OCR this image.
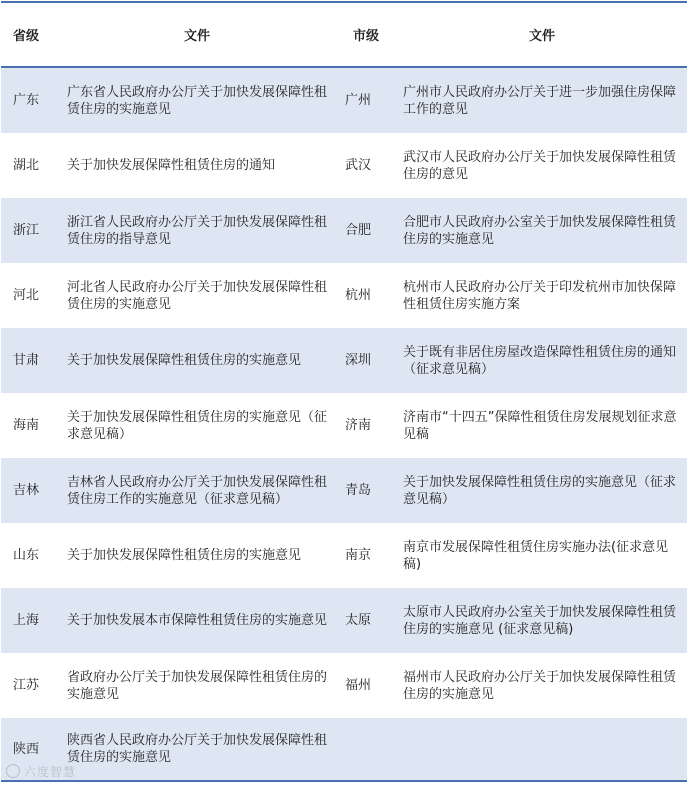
省级	文件	市级	文件
广东	广东省人民政府办公厅关于加快发展保障性租赁住房的实施意见	广州	广州市人民政府办公厅关于进一步加强住房保障工作的意见
湖北	关于加快发展保障性租赁住房的通知	武汉	武汉市人民政府办公厅关于加快发展保障性租赁住房的意见
浙江	浙江省人民政府办公厅关于加快发展保障性租赁住房的指导意见	合肥	合肥市人民政府办公室关于加快发展保障性租赁住房的实施意见
河北	河北省人民政府办公厅关于加快发展保障性租赁住房的实施意见	杭州	杭州市人民政府办公厅关于印发杭州市加快保障性租赁住房实施方案
甘肃	关于加快发展保障性租赁住房的实施意见	深圳	关于既有非居住房屋改造保障性租赁住房的通知（征求意见稿）
海南	关于加快发展保障性租赁住房的实施意见（征求意见稿）	济南	济南市“十四五”保障性租赁住房发展规划征求意见稿
吉林	吉林省人民政府办公厅关于加快发展保障性租赁住房工作的实施意见（征求意见稿）	青岛	关于加快发展保障性租赁住房的实施意见（征求意见稿）
山东	关于加快发展保障性租赁住房的实施意见	南京	南京市发展保障性租赁住房实施办法(征求意见稿)
上海	关于加快发展本市保障性租赁住房的实施意见	太原	太原市人民政府办公室关于加快发展保障性租赁住房的实施意见 (征求意见稿)
江苏	省政府办公厅关于加快发展保障性租赁住房的实施意见	福州	福州市人民政府办公厅关于加快发展保障性租赁住房的实施意见
陕西	陕西省人民政府办公厅关于加快发展保障性租赁住房的实施意见		
六度智慧
